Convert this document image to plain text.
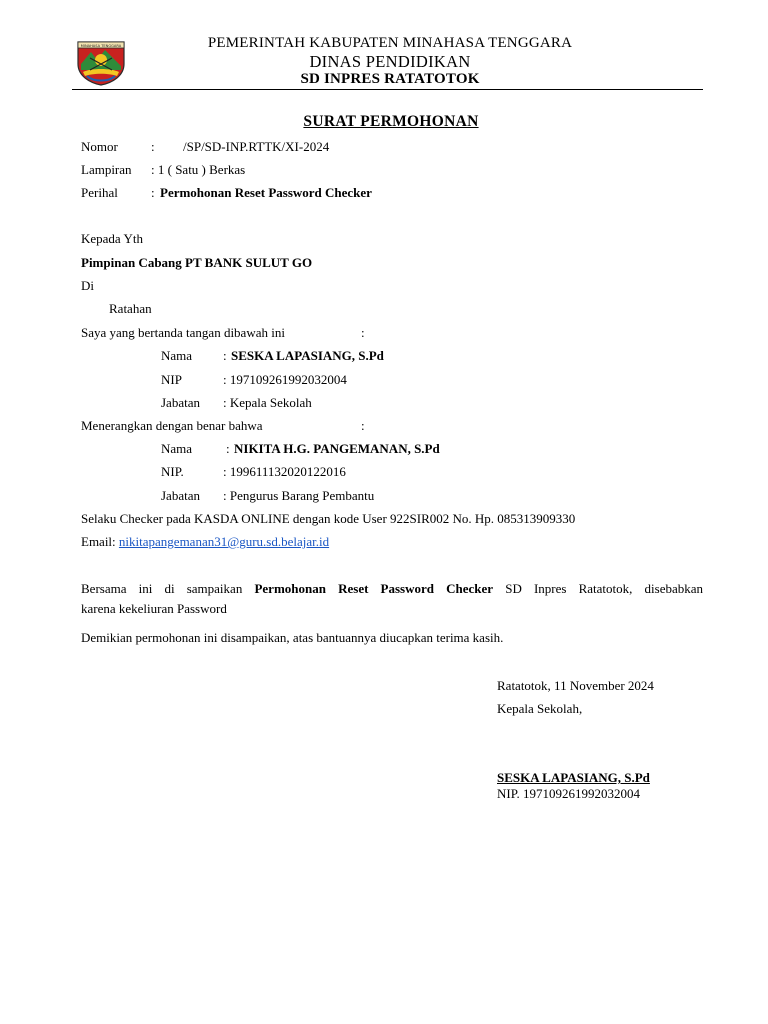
MINAHASA TENGGARA	PEMERINTAH KABUPATEN MINAHASA TENGGARA
DINAS PENDIDIKAN
SD INPRES RATATOTOK
SURAT PERMOHONAN
Nomor	: /SP/SD-INP.RTTK/XI-2024
Lampiran : 1 ( Satu ) Berkas
Perihal	: Permohonan Reset Password Checker
Kepada Yth
Pimpinan Cabang PT BANK SULUT GO
Di
Ratahan
Saya yang bertanda tangan dibawah ini	:
Nama : SESKA LAPASIANG, S.Pd
NIP	: 197109261992032004
Jabatan : Kepala Sekolah
Menerangkan dengan benar bahwa	:
Nama	: NIKITA H.G. PANGEMANAN, S.Pd
NIP.	: 199611132020122016
Jabatan : Pengurus Barang Pembantu
Selaku Checker pada KASDA ONLINE dengan kode User 922SIR002 No. Hp. 085313909330
Email: nikitapangemanan31@guru.sd.belajar.id
Bersama ini di sampaikan Permohonan Reset Password Checker SD Inpres Ratatotok, disebabkan
karena kekeliuran Password
Demikian permohonan ini disampaikan, atas bantuannya diucapkan terima kasih.
Ratatotok, 11 November 2024
Kepala Sekolah,
SESKA LAPASIANG, S.Pd
NIP. 197109261992032004
